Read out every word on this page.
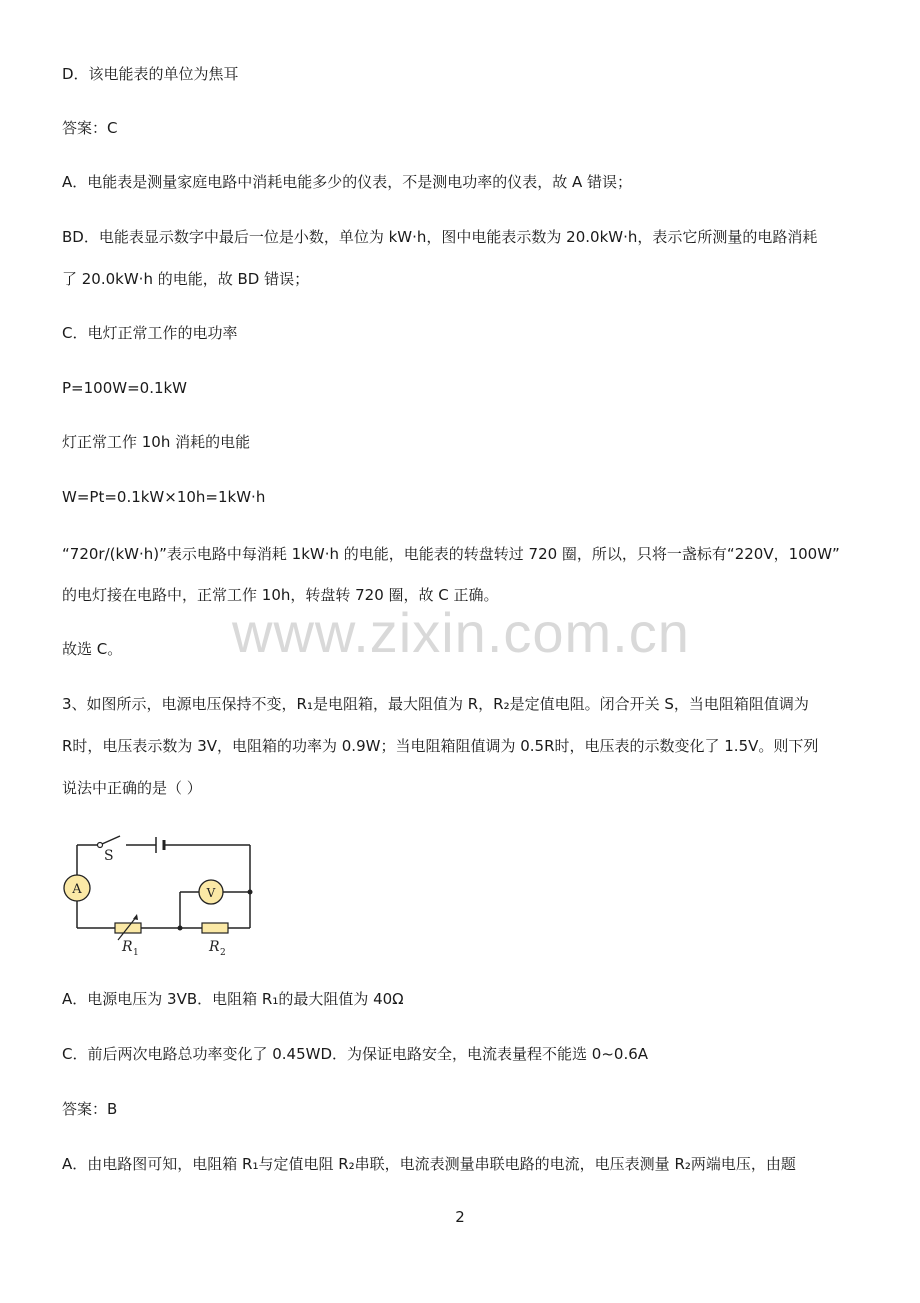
D．该电能表的单位为焦耳
答案：C
A．电能表是测量家庭电路中消耗电能多少的仪表，不是测电功率的仪表，故 A 错误；
BD．电能表显示数字中最后一位是小数，单位为 kW·h，图中电能表示数为 20.0kW·h，表示它所测量的电路消耗
了 20.0kW·h 的电能，故 BD 错误；
C．电灯正常工作的电功率
P=100W=0.1kW
灯正常工作 10h 消耗的电能
W=Pt=0.1kW×10h=1kW·h
“720r/(kW·h)”表示电路中每消耗 1kW·h 的电能，电能表的转盘转过 720 圈，所以，只将一盏标有“220V，100W”
的电灯接在电路中，正常工作 10h，转盘转 720 圈，故 C 正确。
故选 C。
3、如图所示，电源电压保持不变，R₁是电阻箱，最大阻值为 R，R₂是定值电阻。闭合开关 S，当电阻箱阻值调为
R时，电压表示数为 3V，电阻箱的功率为 0.9W；当电阻箱阻值调为 0.5R时，电压表的示数变化了 1.5V。则下列
说法中正确的是（ ）
A	V
S
R 1	R 2
A．电源电压为 3VB．电阻箱 R₁的最大阻值为 40Ω
C．前后两次电路总功率变化了 0.45WD．为保证电路安全，电流表量程不能选 0~0.6A
答案：B
A．由电路图可知，电阻箱 R₁与定值电阻 R₂串联，电流表测量串联电路的电流，电压表测量 R₂两端电压，由题
www.zixin.com.cn
2
